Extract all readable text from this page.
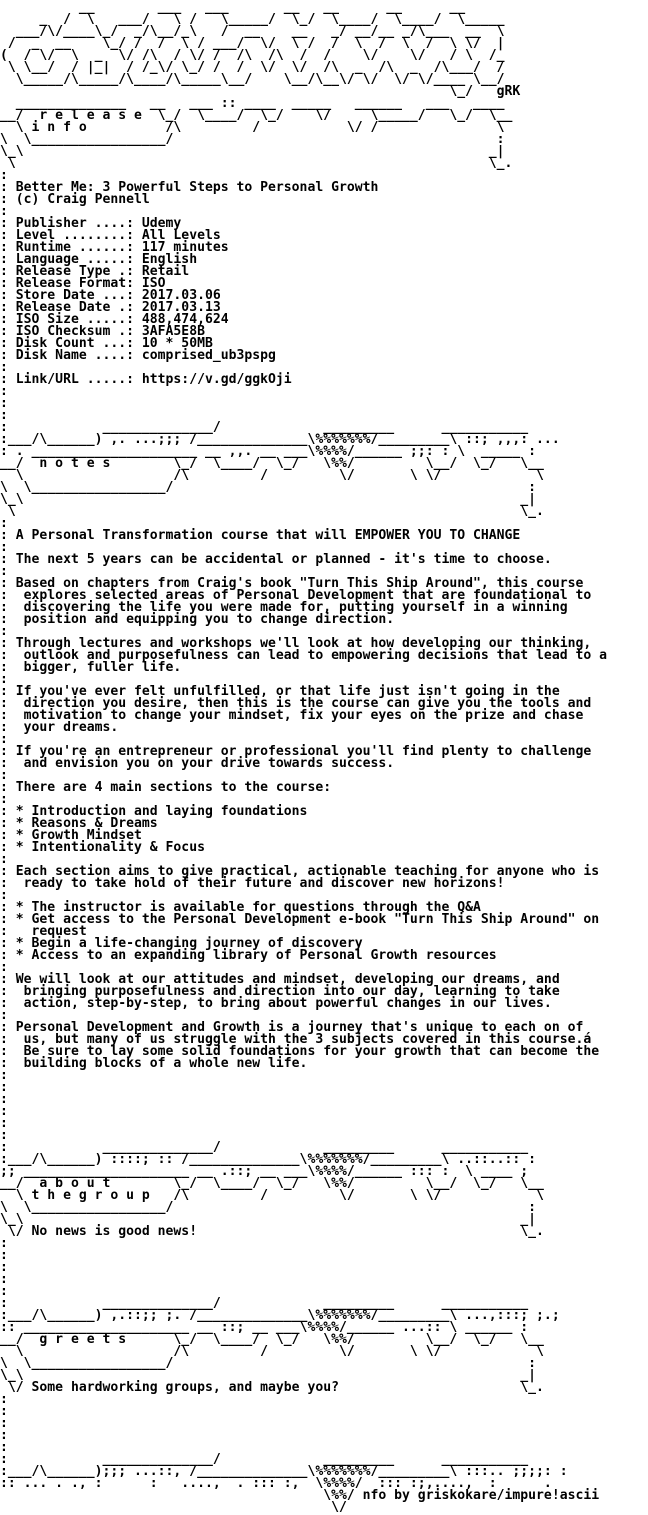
__        ___   ___       __   __      __      __
_  /  \   ___/   \ /   \_____/  \_/  \____/  \____/  \_____
___/\/____\_/  _/\__/_\   /  __    __   _/ __/__ _/\___  __  \
/  _  __    \_/ /  /  \ / ___/  \/  \ /  /  \  /  \  /  \ \/  |
(  / \/  \  _  \/ /\  / \/ /  /\  /\  /  /    \/    \/   / \  /_
\ \__/  / |_|  / /_\/ \_/ /  /  \/  \/  /\  _  /\  _  /\___/  /
\_____/\_____/\____/\_____\__/    \__/\__\/ \/  \/ \/____ \__/
\_/   gRK
______________   __   ___ :: ____  _____   ______   ___   ____
__/  r e l e a s e  \_/  \____/  \_/    \/     \_____/   \_/  \__
\ i n f o          /\         /           \/ /               \
\  \_________________/                                         :
\_\                                                           _|
\                                                            \_.
:
: Better Me: 3 Powerful Steps to Personal Growth
: (c) Craig Pennell
:
: Publisher ....: Udemy
: Level ........: All Levels
: Runtime ......: 117 minutes
: Language .....: English
: Release Type .: Retail
: Release Format: ISO
: Store Date ...: 2017.03.06
: Release Date .: 2017.03.13
: ISO Size .....: 488,474,624
: ISO Checksum .: 3AFA5E8B
: Disk Count ...: 10 * 50MB
: Disk Name ....: comprised_ub3pspg
:
: Link/URL .....: https://v.gd/ggkOji
:
:
:
:            ______________/             _________      ___________
:___/\______) ,. ...;;; /______________\%%%%%%%/_________\ ::; ,,,: ...
: . _____________________ __ ,,. __ ___\%%%%/______ ;;: : \  _____ :
__/  n o t e s        \_/  \____/  \_/   \%%/         \__/  \_/   \__
\                   /\         /         \/       \ \/            \
\  \_________________/                                             :
\_\                                                               _|
\                                                                \_.
:
: A Personal Transformation course that will EMPOWER YOU TO CHANGE
:
: The next 5 years can be accidental or planned - it's time to choose.
:
: Based on chapters from Craig's book "Turn This Ship Around", this course
:  explores selected areas of Personal Development that are foundational to
:  discovering the life you were made for, putting yourself in a winning
:  position and equipping you to change direction.
:
: Through lectures and workshops we'll look at how developing our thinking,
:  outlook and purposefulness can lead to empowering decisions that lead to a
:  bigger, fuller life.
:
: If you've ever felt unfulfilled, or that life just isn't going in the
:  direction you desire, then this is the course can give you the tools and
:  motivation to change your mindset, fix your eyes on the prize and chase
:  your dreams.
:
: If you're an entrepreneur or professional you'll find plenty to challenge
:  and envision you on your drive towards success.
:
: There are 4 main sections to the course:
:
: * Introduction and laying foundations
: * Reasons & Dreams
: * Growth Mindset
: * Intentionality & Focus
:
: Each section aims to give practical, actionable teaching for anyone who is
:  ready to take hold of their future and discover new horizons!
:
: * The instructor is available for questions through the Q&A
: * Get access to the Personal Development e-book "Turn This Ship Around" on
:   request
: * Begin a life-changing journey of discovery
: * Access to an expanding library of Personal Growth resources
:
: We will look at our attitudes and mindset, developing our dreams, and
:  bringing purposefulness and direction into our day, learning to take
:  action, step-by-step, to bring about powerful changes in our lives.
:
: Personal Development and Growth is a journey that's unique to each on of
:  us, but many of us struggle with the 3 subjects covered in this course.á
:  Be sure to lay some solid foundations for your growth that can become the
:  building blocks of a whole new life.
:
:
:
:
:
:
:            ______________/             _________      ___________
:___/\______) ::::; :: /______________\%%%%%%%/_________\ ..::..:: :
;; _____________________ __ .::; __ ___\%%%%/______ ::: :  \ ____ ;
__/  a b o u t        \_/  \____/  \_/   \%%/         \__/  \_/   \__
\ t h e g r o u p   /\         /         \/       \ \/            \
\  \_________________/                                             :
\_\                                                               _|
\/ No news is good news!                                         \_.
:
:
:
:
:
:            ______________/             _________      ___________
:___/\______) ,.::;; ;. /______________\%%%%%%%/_________\ ...,:::; ;.;
:: _____________________ __ ::; __ ___\%%%%/______ ...:: \ ______ :
__/  g r e e t s      \_/  \____/  \_/   \%%/         \__/  \_/   \__
\                   /\         /         \/       \ \/            \
\  \_________________/                                             :
\_\                                                               _|
\/ Some hardworking groups, and maybe you?                       \_.
:
:
:
:
:
:            ______________/             _________      ___________
:___/\______);;; ...::, /______________\%%%%%%%/_________\ :::.. ;;;;: :
:: ... . ., :      :   ....,  . ::: :,  \%%%%/  ::: :;,....,  :      .
\%%/ nfo by griskokare/impure!ascii
\/
